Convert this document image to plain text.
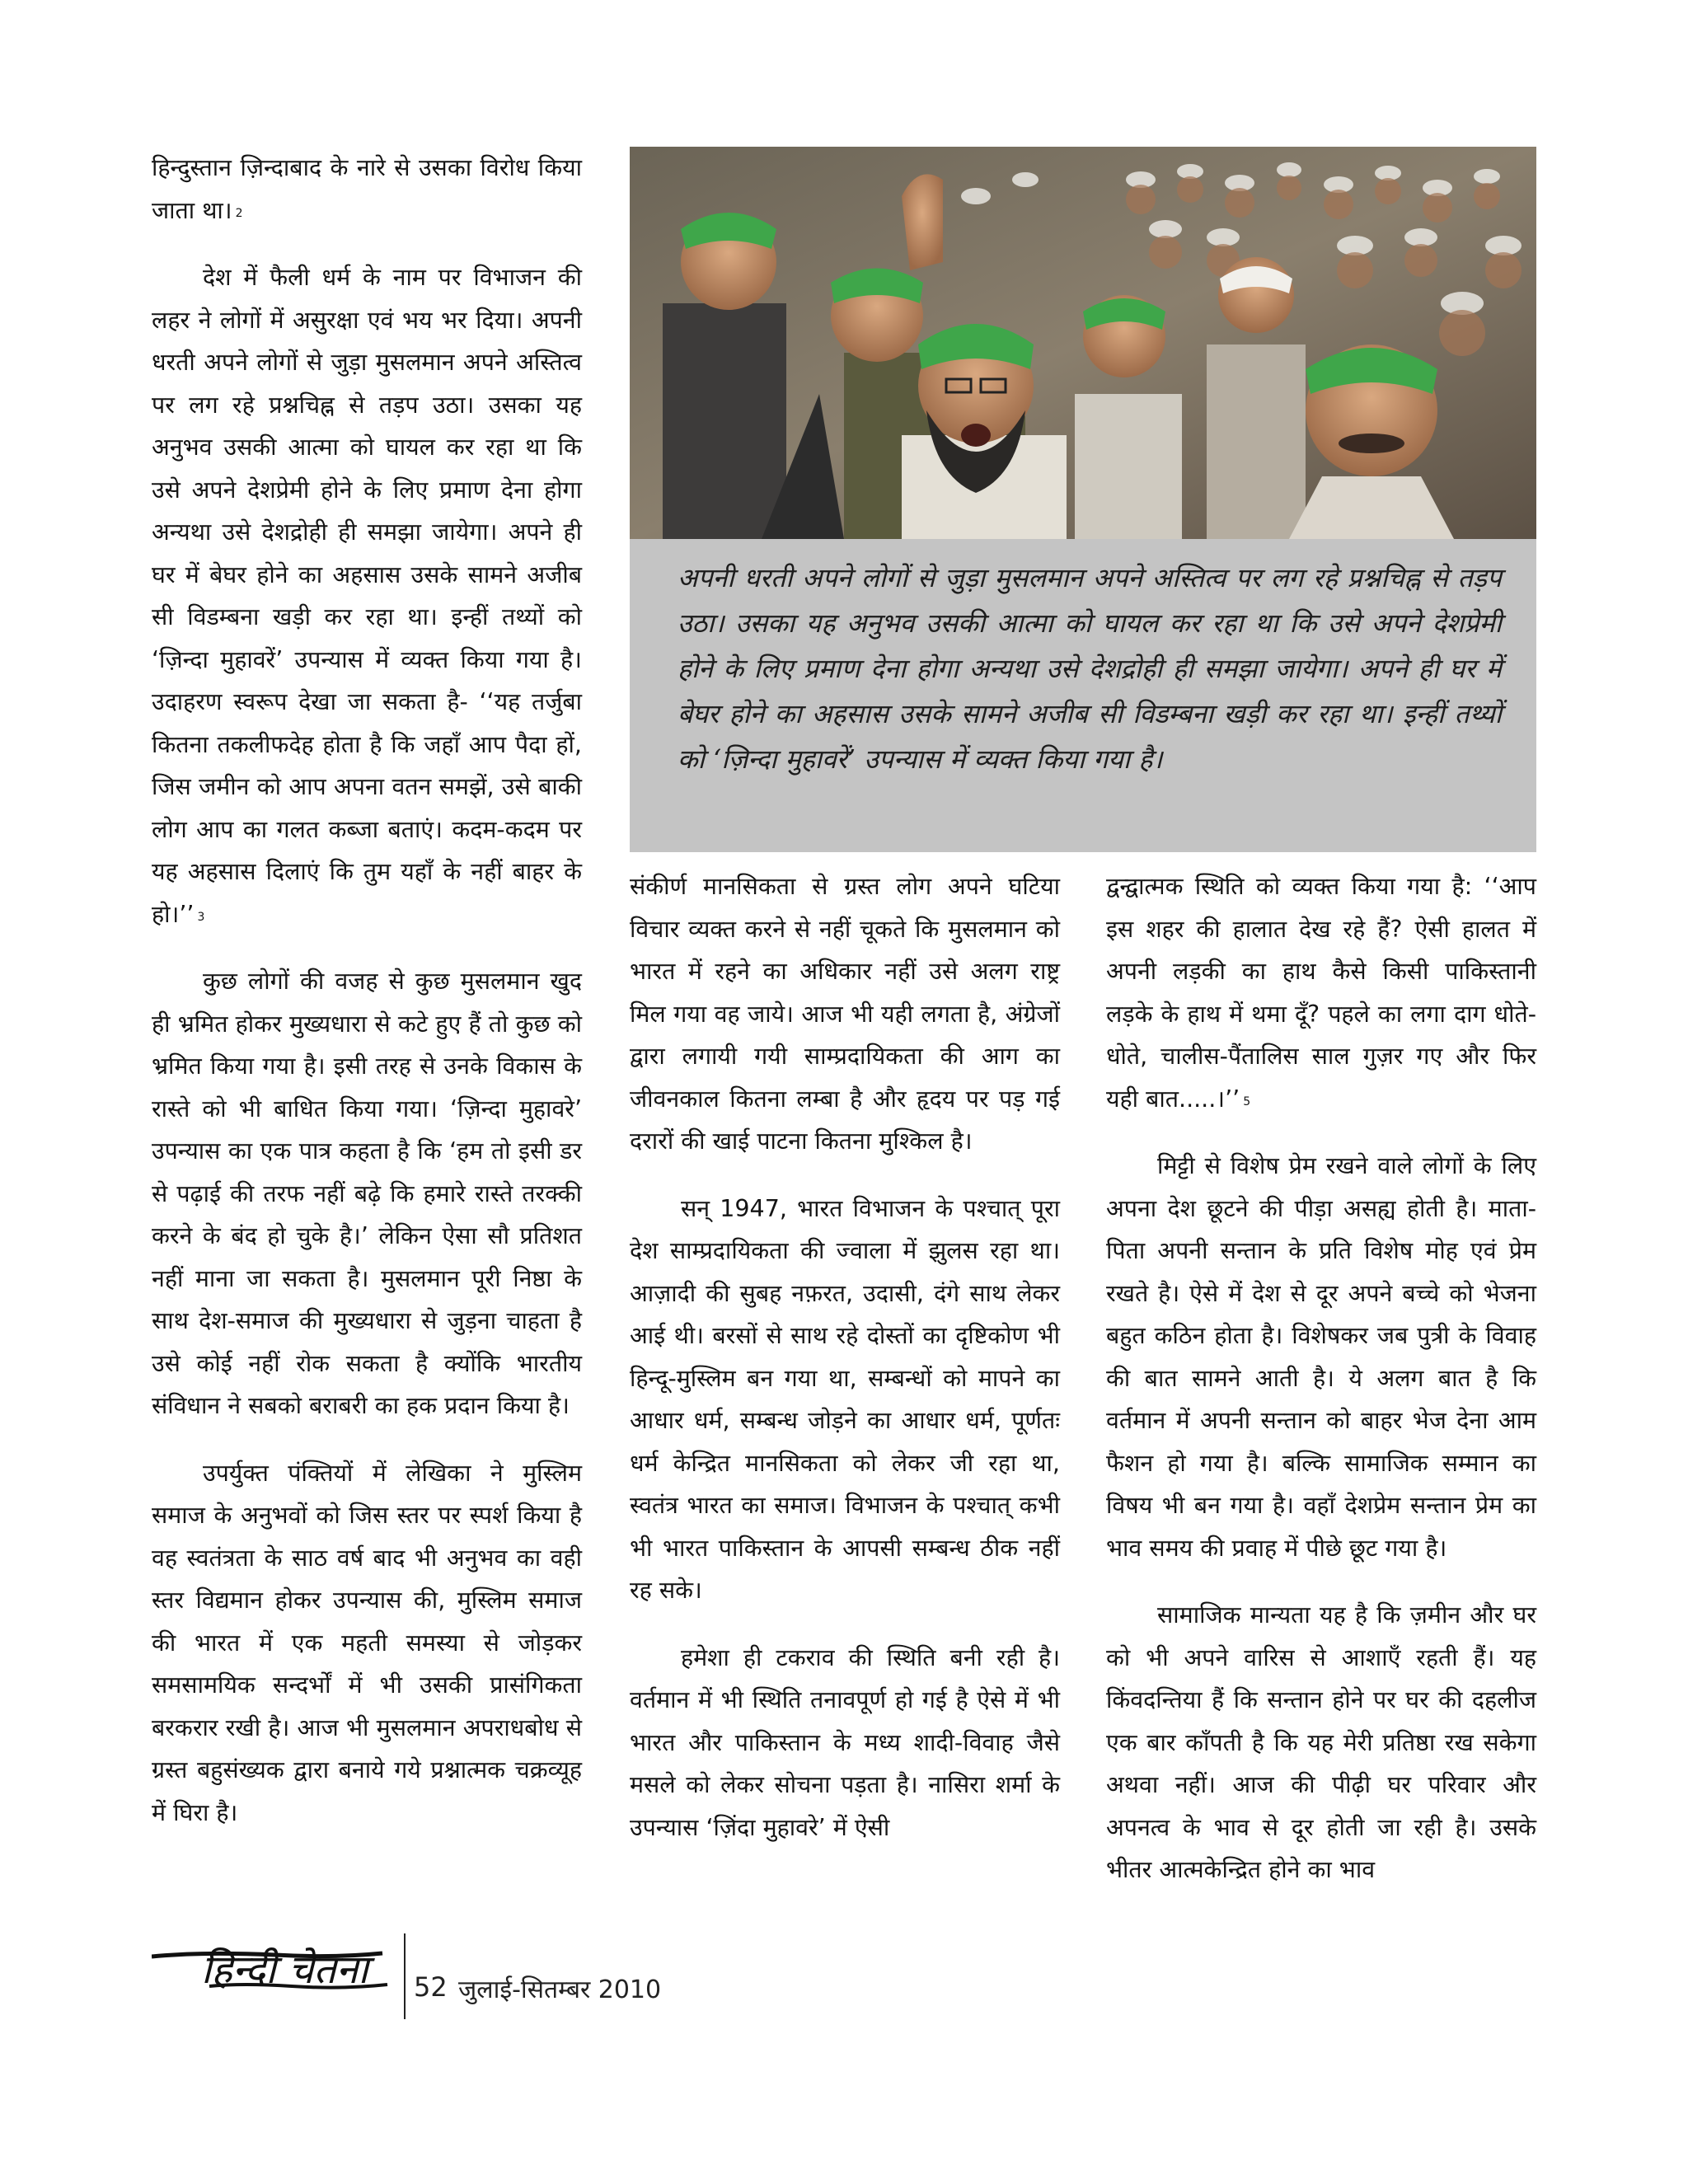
हिन्दुस्तान ज़िन्दाबाद के नारे से उसका विरोध किया जाता था। $^2$

देश में फैली धर्म के नाम पर विभाजन की लहर ने लोगों में असुरक्षा एवं भय भर दिया। अपनी धरती अपने लोगों से जुड़ा मुसलमान अपने अस्तित्व पर लग रहे प्रश्नचिह्न से तड़प उठा। उसका यह अनुभव उसकी आत्मा को घायल कर रहा था कि उसे अपने देशप्रेमी होने के लिए प्रमाण देना होगा अन्यथा उसे देशद्रोही ही समझा जायेगा। अपने ही घर में बेघर होने का अहसास उसके सामने अजीब सी विडम्बना खड़ी कर रहा था। इन्हीं तथ्यों को ‘ज़िन्दा मुहावरें’ उपन्यास में व्यक्त किया गया है। उदाहरण स्वरूप देखा जा सकता है- ‘‘यह तर्जुबा कितना तकलीफदेह होता है कि जहाँ आप पैदा हों, जिस जमीन को आप अपना वतन समझें, उसे बाकी लोग आप का गलत कब्जा बताएं। कदम-कदम पर यह अहसास दिलाएं कि तुम यहाँ के नहीं बाहर के हो।’’ $^3$

कुछ लोगों की वजह से कुछ मुसलमान खुद ही भ्रमित होकर मुख्यधारा से कटे हुए हैं तो कुछ को भ्रमित किया गया है। इसी तरह से उनके विकास के रास्ते को भी बाधित किया गया। ‘ज़िन्दा मुहावरे’ उपन्यास का एक पात्र कहता है कि ‘हम तो इसी डर से पढ़ाई की तरफ नहीं बढ़े कि हमारे रास्ते तरक्की करने के बंद हो चुके है।’ लेकिन ऐसा सौ प्रतिशत नहीं माना जा सकता है। मुसलमान पूरी निष्ठा के साथ देश-समाज की मुख्यधारा से जुड़ना चाहता है उसे कोई नहीं रोक सकता है क्योंकि भारतीय संविधान ने सबको बराबरी का हक प्रदान किया है।

उपर्युक्त पंक्तियों में लेखिका ने मुस्लिम समाज के अनुभवों को जिस स्तर पर स्पर्श किया है वह स्वतंत्रता के साठ वर्ष बाद भी अनुभव का वही स्तर विद्यमान होकर उपन्यास की, मुस्लिम समाज की भारत में एक महती समस्या से जोड़कर समसामयिक सन्दर्भों में भी उसकी प्रासंगिकता बरकरार रखी है। आज भी मुसलमान अपराधबोध से ग्रस्त बहुसंख्यक द्वारा बनाये गये प्रश्नात्मक चक्रव्यूह में घिरा है।

अपनी धरती अपने लोगों से जुड़ा मुसलमान अपने अस्तित्व पर लग रहे प्रश्नचिह्न से तड़प उठा। उसका यह अनुभव उसकी आत्मा को घायल कर रहा था कि उसे अपने देशप्रेमी होने के लिए प्रमाण देना होगा अन्यथा उसे देशद्रोही ही समझा जायेगा। अपने ही घर में बेघर होने का अहसास उसके सामने अजीब सी विडम्बना खड़ी कर रहा था। इन्हीं तथ्यों को ‘ज़िन्दा मुहावरें’ उपन्यास में व्यक्त किया गया है।

संकीर्ण मानसिकता से ग्रस्त लोग अपने घटिया विचार व्यक्त करने से नहीं चूकते कि मुसलमान को भारत में रहने का अधिकार नहीं उसे अलग राष्ट्र मिल गया वह जाये। आज भी यही लगता है, अंग्रेजों द्वारा लगायी गयी साम्प्रदायिकता की आग का जीवनकाल कितना लम्बा है और हृदय पर पड़ गई दरारों की खाई पाटना कितना मुश्किल है।

सन् 1947, भारत विभाजन के पश्चात् पूरा देश साम्प्रदायिकता की ज्वाला में झुलस रहा था। आज़ादी की सुबह नफ़रत, उदासी, दंगे साथ लेकर आई थी। बरसों से साथ रहे दोस्तों का दृष्टिकोण भी हिन्दू-मुस्लिम बन गया था, सम्बन्धों को मापने का आधार धर्म, सम्बन्ध जोड़ने का आधार धर्म, पूर्णतः धर्म केन्द्रित मानसिकता को लेकर जी रहा था, स्वतंत्र भारत का समाज। विभाजन के पश्चात् कभी भी भारत पाकिस्तान के आपसी सम्बन्ध ठीक नहीं रह सके।

हमेशा ही टकराव की स्थिति बनी रही है। वर्तमान में भी स्थिति तनावपूर्ण हो गई है ऐसे में भी भारत और पाकिस्तान के मध्य शादी-विवाह जैसे मसले को लेकर सोचना पड़ता है। नासिरा शर्मा के उपन्यास ‘ज़िंदा मुहावरे’ में ऐसी

द्वन्द्वात्मक स्थिति को व्यक्त किया गया है: ‘‘आप इस शहर की हालात देख रहे हैं? ऐसी हालत में अपनी लड़की का हाथ कैसे किसी पाकिस्तानी लड़के के हाथ में थमा दूँ? पहले का लगा दाग धोते-धोते, चालीस-पैंतालिस साल गुज़र गए और फिर यही बात.....।’’ $^5$

मिट्टी से विशेष प्रेम रखने वाले लोगों के लिए अपना देश छूटने की पीड़ा असह्य होती है। माता-पिता अपनी सन्तान के प्रति विशेष मोह एवं प्रेम रखते है। ऐसे में देश से दूर अपने बच्चे को भेजना बहुत कठिन होता है। विशेषकर जब पुत्री के विवाह की बात सामने आती है। ये अलग बात है कि वर्तमान में अपनी सन्तान को बाहर भेज देना आम फैशन हो गया है। बल्कि सामाजिक सम्मान का विषय भी बन गया है। वहाँ देशप्रेम सन्तान प्रेम का भाव समय की प्रवाह में पीछे छूट गया है।

सामाजिक मान्यता यह है कि ज़मीन और घर को भी अपने वारिस से आशाएँ रहती हैं। यह किंवदन्तिया हैं कि सन्तान होने पर घर की दहलीज एक बार काँपती है कि यह मेरी प्रतिष्ठा रख सकेगा अथवा नहीं। आज की पीढ़ी घर परिवार और अपनत्व के भाव से दूर होती जा रही है। उसके भीतर आत्मकेन्द्रित होने का भाव

हिन्दी चेतना 52 जुलाई-सितम्बर 2010
